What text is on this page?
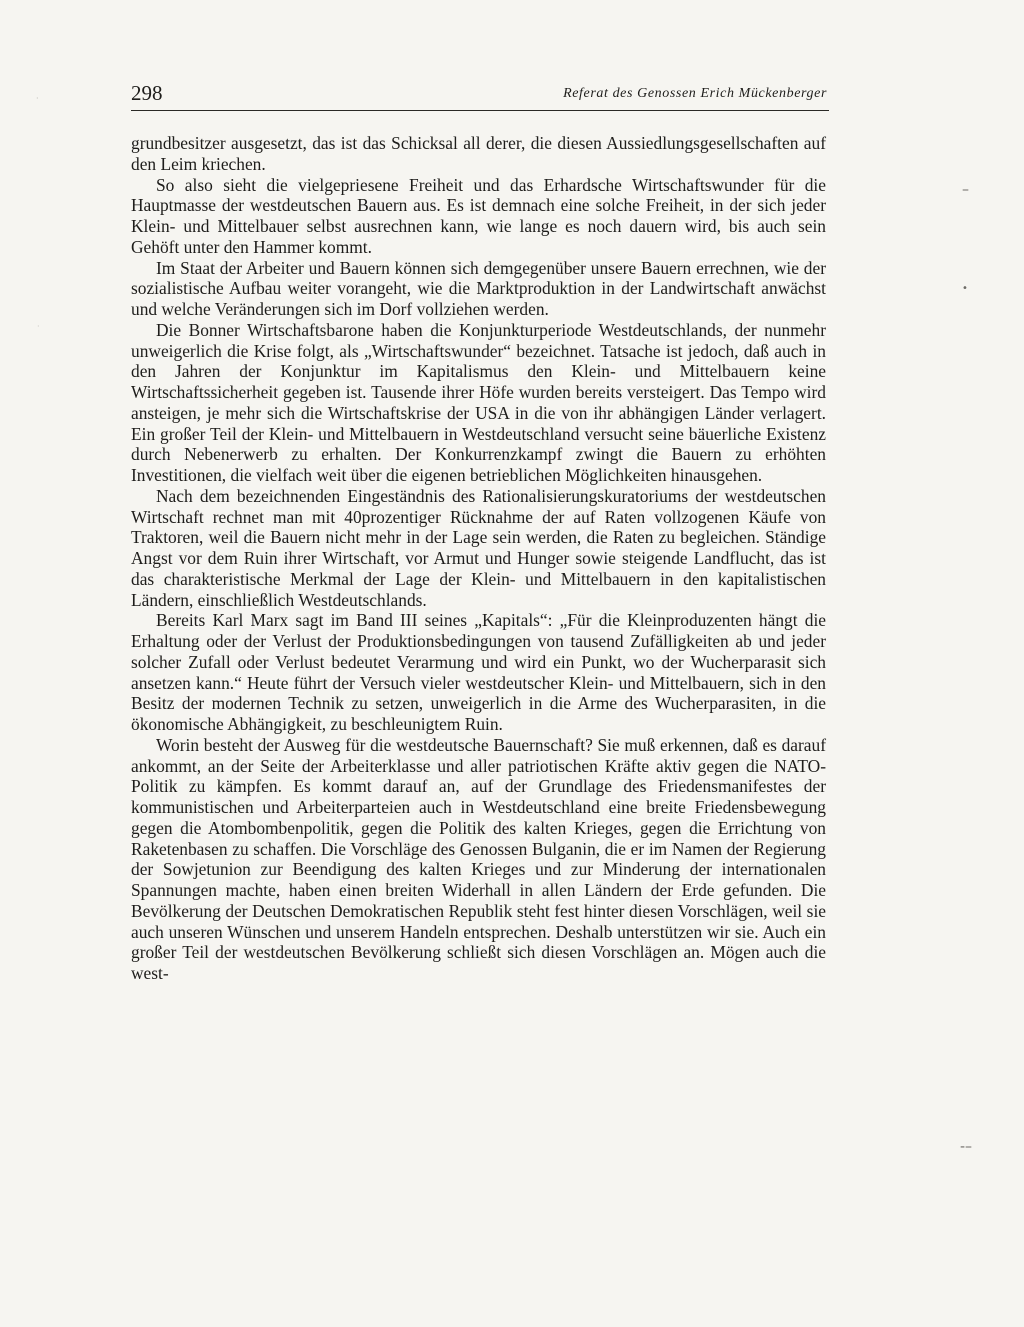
298	Referat des Genossen Erich Mückenberger

grundbesitzer ausgesetzt, das ist das Schicksal all derer, die diesen Aussiedlungsgesellschaften auf den Leim kriechen.

So also sieht die vielgepriesene Freiheit und das Erhardsche Wirtschaftswunder für die Hauptmasse der westdeutschen Bauern aus. Es ist demnach eine solche Freiheit, in der sich jeder Klein- und Mittelbauer selbst ausrechnen kann, wie lange es noch dauern wird, bis auch sein Gehöft unter den Hammer kommt.

Im Staat der Arbeiter und Bauern können sich demgegenüber unsere Bauern errechnen, wie der sozialistische Aufbau weiter vorangeht, wie die Marktproduktion in der Landwirtschaft anwächst und welche Veränderungen sich im Dorf vollziehen werden.

Die Bonner Wirtschaftsbarone haben die Konjunkturperiode Westdeutschlands, der nunmehr unweigerlich die Krise folgt, als „Wirtschaftswunder“ bezeichnet. Tatsache ist jedoch, daß auch in den Jahren der Konjunktur im Kapitalismus den Klein- und Mittelbauern keine Wirtschaftssicherheit gegeben ist. Tausende ihrer Höfe wurden bereits versteigert. Das Tempo wird ansteigen, je mehr sich die Wirtschaftskrise der USA in die von ihr abhängigen Länder verlagert. Ein großer Teil der Klein- und Mittelbauern in Westdeutschland versucht seine bäuerliche Existenz durch Nebenerwerb zu erhalten. Der Konkurrenzkampf zwingt die Bauern zu erhöhten Investitionen, die vielfach weit über die eigenen betrieblichen Möglichkeiten hinausgehen.

Nach dem bezeichnenden Eingeständnis des Rationalisierungskuratoriums der westdeutschen Wirtschaft rechnet man mit 40prozentiger Rücknahme der auf Raten vollzogenen Käufe von Traktoren, weil die Bauern nicht mehr in der Lage sein werden, die Raten zu begleichen. Ständige Angst vor dem Ruin ihrer Wirtschaft, vor Armut und Hunger sowie steigende Landflucht, das ist das charakteristische Merkmal der Lage der Klein- und Mittelbauern in den kapitalistischen Ländern, einschließlich Westdeutschlands.

Bereits Karl Marx sagt im Band III seines „Kapitals“: „Für die Kleinproduzenten hängt die Erhaltung oder der Verlust der Produktionsbedingungen von tausend Zufälligkeiten ab und jeder solcher Zufall oder Verlust bedeutet Verarmung und wird ein Punkt, wo der Wucherparasit sich ansetzen kann.“ Heute führt der Versuch vieler westdeutscher Klein- und Mittelbauern, sich in den Besitz der modernen Technik zu setzen, unweigerlich in die Arme des Wucherparasiten, in die ökonomische Abhängigkeit, zu beschleunigtem Ruin.

Worin besteht der Ausweg für die westdeutsche Bauernschaft? Sie muß erkennen, daß es darauf ankommt, an der Seite der Arbeiterklasse und aller patriotischen Kräfte aktiv gegen die NATO-Politik zu kämpfen. Es kommt darauf an, auf der Grundlage des Friedensmanifestes der kommunistischen und Arbeiterparteien auch in Westdeutschland eine breite Friedensbewegung gegen die Atombombenpolitik, gegen die Politik des kalten Krieges, gegen die Errichtung von Raketenbasen zu schaffen. Die Vorschläge des Genossen Bulganin, die er im Namen der Regierung der Sowjetunion zur Beendigung des kalten Krieges und zur Minderung der internationalen Spannungen machte, haben einen breiten Widerhall in allen Ländern der Erde gefunden. Die Bevölkerung der Deutschen Demokratischen Republik steht fest hinter diesen Vorschlägen, weil sie auch unseren Wünschen und unserem Handeln entsprechen. Deshalb unterstützen wir sie. Auch ein großer Teil der westdeutschen Bevölkerung schließt sich diesen Vorschlägen an. Mögen auch die west-

–
•
-–
·
·
